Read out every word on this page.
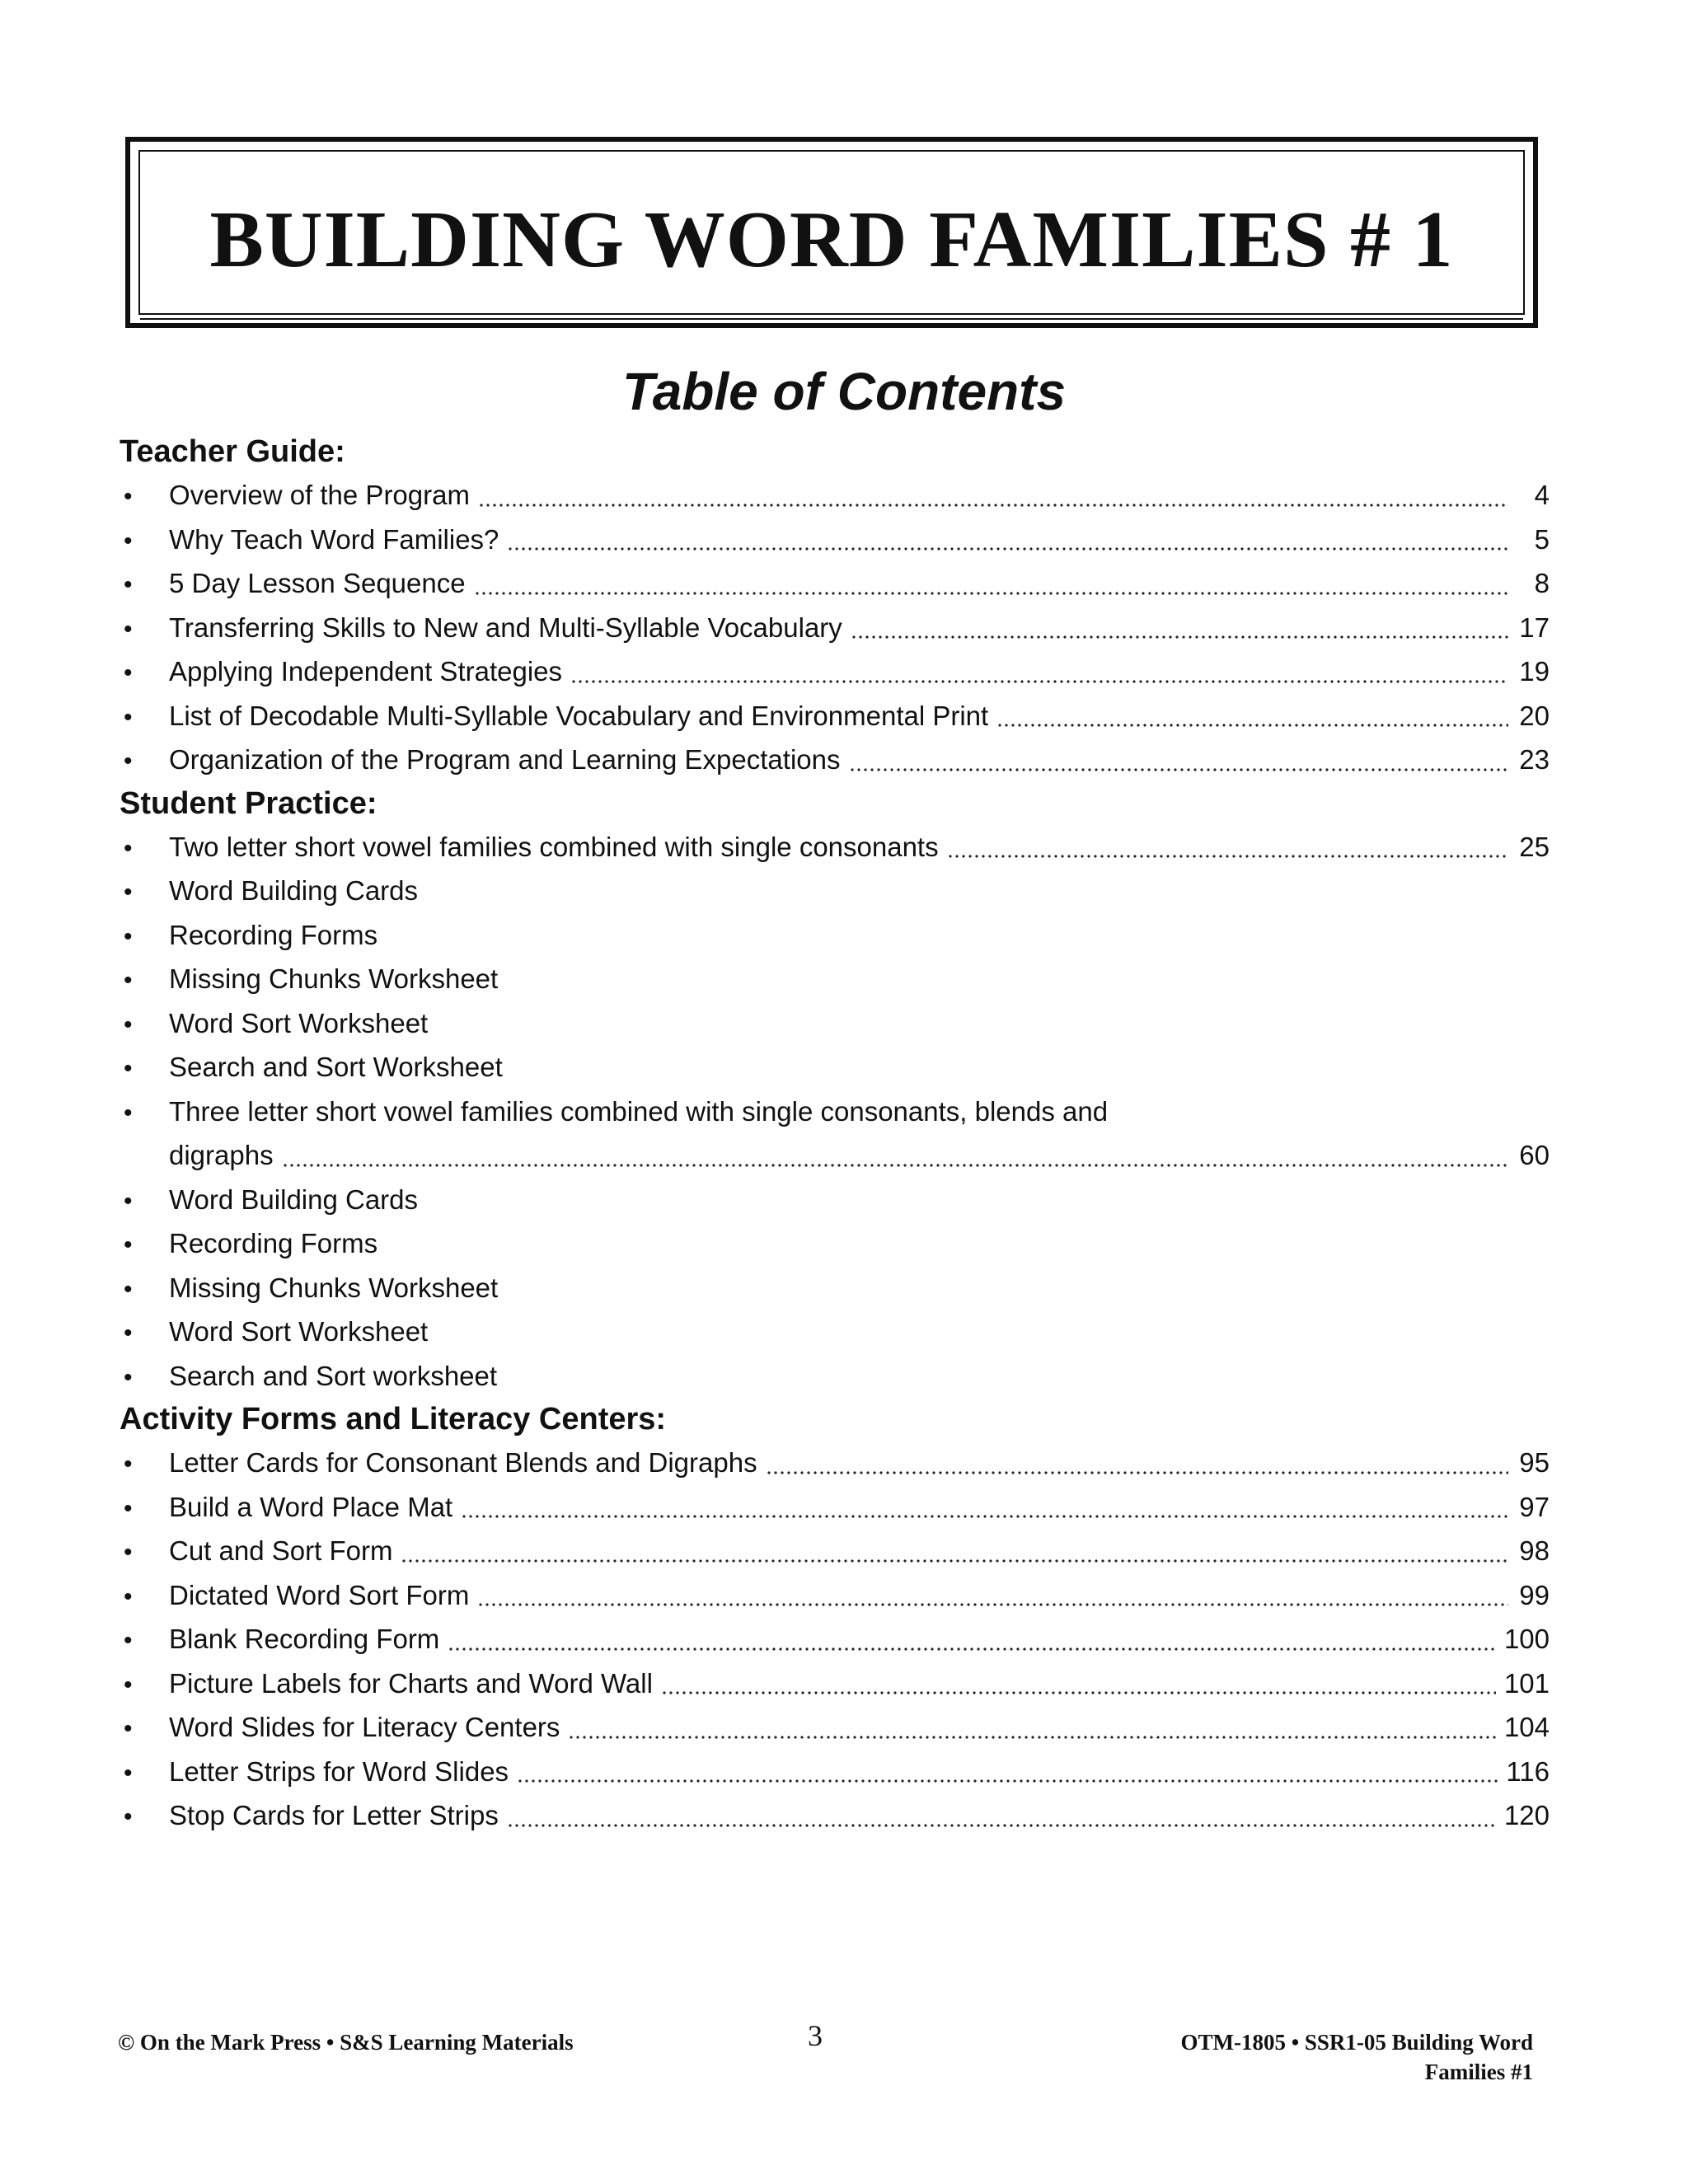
BUILDING WORD FAMILIES # 1
Table of Contents
Teacher Guide:
•	Overview of the Program	4
•	Why Teach Word Families?	5
•	5 Day Lesson Sequence	8
•	Transferring Skills to New and Multi-Syllable Vocabulary	17
•	Applying Independent Strategies	19
•	List of Decodable Multi-Syllable Vocabulary and Environmental Print	20
•	Organization of the Program and Learning Expectations	23
Student Practice:
•	Two letter short vowel families combined with single consonants	25
•	Word Building Cards
•	Recording Forms
•	Missing Chunks Worksheet
•	Word Sort Worksheet
•	Search and Sort Worksheet
•	Three letter short vowel families combined with single consonants, blends and
digraphs	60
•	Word Building Cards
•	Recording Forms
•	Missing Chunks Worksheet
•	Word Sort Worksheet
•	Search and Sort worksheet
Activity Forms and Literacy Centers:
•	Letter Cards for Consonant Blends and Digraphs	95
•	Build a Word Place Mat	97
•	Cut and Sort Form	98
•	Dictated Word Sort Form	99
•	Blank Recording Form	100
•	Picture Labels for Charts and Word Wall	101
•	Word Slides for Literacy Centers	104
•	Letter Strips for Word Slides	116
•	Stop Cards for Letter Strips	120
© On the Mark Press • S&S Learning Materials	3	OTM-1805 • SSR1-05 Building Word
Families #1
